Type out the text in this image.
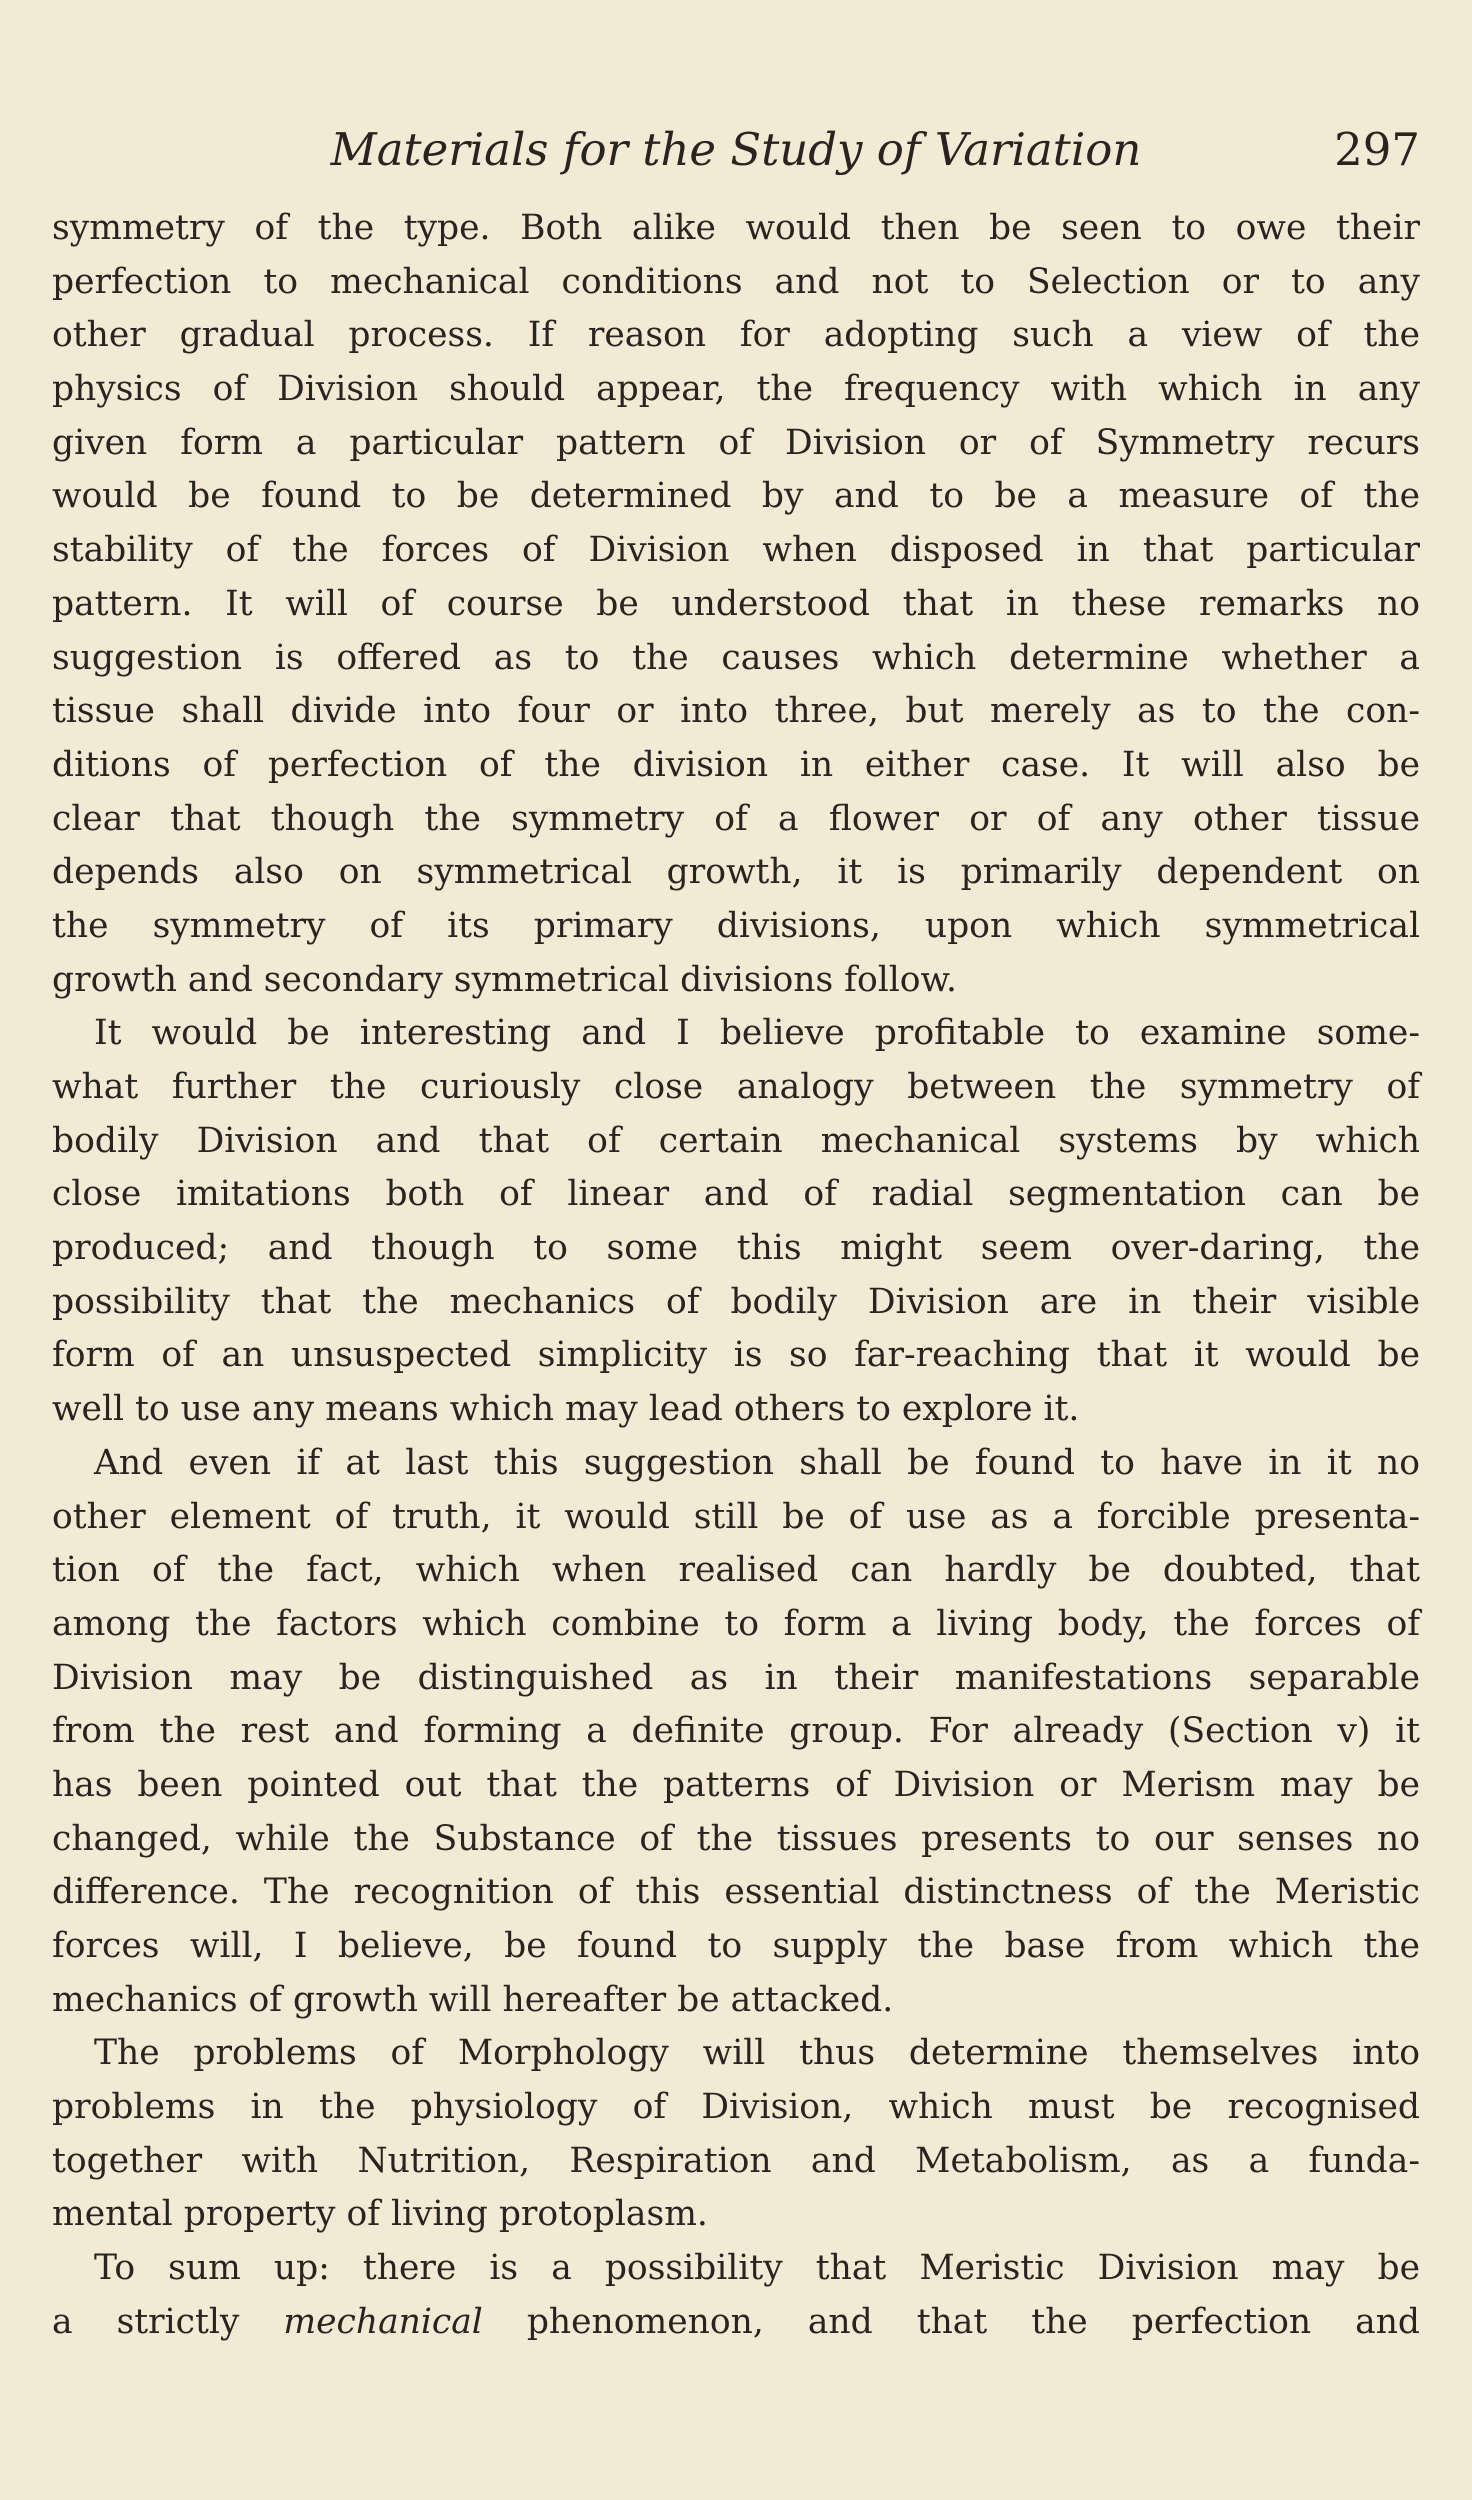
Materials for the Study of Variation	297
symmetry of the type. Both alike would then be seen to owe their
perfection to mechanical conditions and not to Selection or to any
other gradual process. If reason for adopting such a view of the
physics of Division should appear, the frequency with which in any
given form a particular pattern of Division or of Symmetry recurs
would be found to be determined by and to be a measure of the
stability of the forces of Division when disposed in that particular
pattern. It will of course be understood that in these remarks no
suggestion is offered as to the causes which determine whether a
tissue shall divide into four or into three, but merely as to the con-
ditions of perfection of the division in either case. It will also be
clear that though the symmetry of a flower or of any other tissue
depends also on symmetrical growth, it is primarily dependent on
the symmetry of its primary divisions, upon which symmetrical
growth and secondary symmetrical divisions follow.
It would be interesting and I believe profitable to examine some-
what further the curiously close analogy between the symmetry of
bodily Division and that of certain mechanical systems by which
close imitations both of linear and of radial segmentation can be
produced; and though to some this might seem over-daring, the
possibility that the mechanics of bodily Division are in their visible
form of an unsuspected simplicity is so far-reaching that it would be
well to use any means which may lead others to explore it.
And even if at last this suggestion shall be found to have in it no
other element of truth, it would still be of use as a forcible presenta-
tion of the fact, which when realised can hardly be doubted, that
among the factors which combine to form a living body, the forces of
Division may be distinguished as in their manifestations separable
from the rest and forming a definite group. For already (Section v) it
has been pointed out that the patterns of Division or Merism may be
changed, while the Substance of the tissues presents to our senses no
difference. The recognition of this essential distinctness of the Meristic
forces will, I believe, be found to supply the base from which the
mechanics of growth will hereafter be attacked.
The problems of Morphology will thus determine themselves into
problems in the physiology of Division, which must be recognised
together with Nutrition, Respiration and Metabolism, as a funda-
mental property of living protoplasm.
To sum up: there is a possibility that Meristic Division may be
a strictly mechanical phenomenon, and that the perfection and
